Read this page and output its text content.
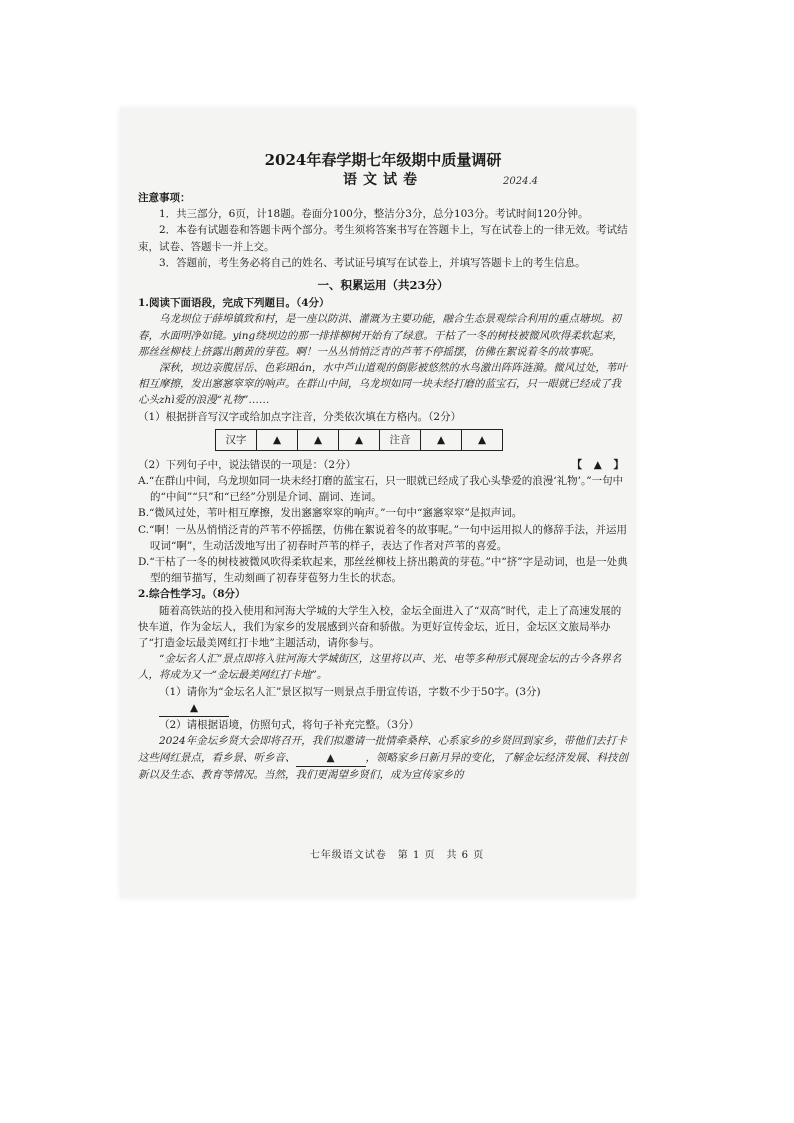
2024年春学期七年级期中质量调研

语文试卷	2024.4

注意事项：

1．共三部分，6页，计18题。卷面分100分，整洁分3分，总分103分。考试时间120分钟。

2．本卷有试题卷和答题卡两个部分。考生须将答案书写在答题卡上，写在试卷上的一律无效。考试结束，试卷、答题卡一并上交。

3．答题前，考生务必将自己的姓名、考试证号填写在试卷上，并填写答题卡上的考生信息。

一、积累运用（共23分）

1.阅读下面语段，完成下列题目。（4分）

乌龙坝位于薛埠镇致和村，是一座以防洪、灌溉为主要功能，融合生态景观综合利用的重点塘坝。初春，水面明净如镜。ying绕坝边的那一排排柳树开始有了绿意。干枯了一冬的树枝被微风吹得柔软起来，那丝丝柳枝上挤露出鹅黄的芽苞。啊！一丛丛悄悄泛青的芦苇不停摇摆，仿佛在絮说着冬的故事呢。

深秋，坝边亲腹居岳、色彩斑lán，水中芦山道观的倒影被悠然的水鸟激出阵阵涟漪。微风过处，苇叶相互摩擦，发出窸窸窣窣的响声。在群山中间，乌龙坝如同一块未经打磨的蓝宝石，只一眼就已经成了我心头zhì爱的浪漫“礼物”……

（1）根据拼音写汉字或给加点字注音，分类依次填在方格内。（2分）

汉字	▲	▲	▲	注音	▲	▲

（2）下列句子中，说法错误的一项是：（2分）	【 ▲ 】

A.“在群山中间，乌龙坝如同一块未经打磨的蓝宝石，只一眼就已经成了我心头挚爱的浪漫‘礼物’。”一句中的“中间”“只”和“已经”分别是介词、副词、连词。

B.“微风过处，苇叶相互摩擦，发出窸窸窣窣的响声。”一句中“窸窸窣窣”是拟声词。

C.“啊！一丛丛悄悄泛青的芦苇不停摇摆，仿佛在絮说着冬的故事呢。”一句中运用拟人的修辞手法，并运用叹词“啊”，生动活泼地写出了初春时芦苇的样子，表达了作者对芦苇的喜爱。

D.“干枯了一冬的树枝被微风吹得柔软起来，那丝丝柳枝上挤出鹅黄的芽苞。”中“挤”字是动词，也是一处典型的细节描写，生动刻画了初春芽苞努力生长的状态。

2.综合性学习。（8分）

随着高铁站的投入使用和河海大学城的大学生入校，金坛全面进入了“双高”时代，走上了高速发展的快车道，作为金坛人，我们为家乡的发展感到兴奋和骄傲。为更好宣传金坛，近日，金坛区文旅局举办了“打造金坛最美网红打卡地”主题活动，请你参与。

“金坛名人汇”景点即将入驻河海大学城街区，这里将以声、光、电等多种形式展现金坛的古今各界名人，将成为又一“金坛最美网红打卡地”。

（1）请你为“金坛名人汇”景区拟写一则景点手册宣传语，字数不少于50字。(3分)

▲

（2）请根据语境，仿照句式，将句子补充完整。（3分）

2024年金坛乡贤大会即将召开，我们拟邀请一批情牵桑梓、心系家乡的乡贤回到家乡，带他们去打卡这些网红景点，看乡景、听乡音、	▲	，领略家乡日新月异的变化，了解金坛经济发展、科技创新以及生态、教育等情况。当然，我们更渴望乡贤们，成为宣传家乡的

七年级语文试卷　第 1 页　共 6 页
